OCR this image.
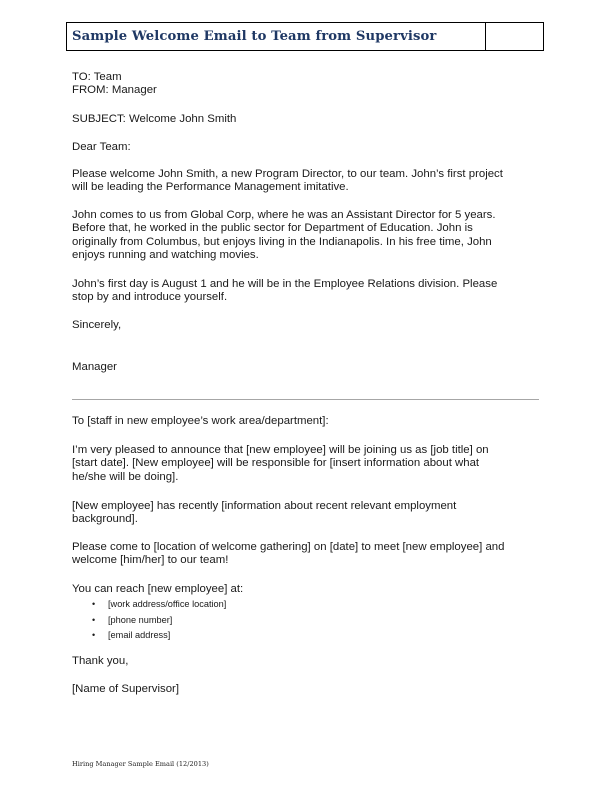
Sample Welcome Email to Team from Supervisor

TO: Team

FROM: Manager

SUBJECT: Welcome John Smith

Dear Team:

Please welcome John Smith, a new Program Director, to our team. John’s first project

will be leading the Performance Management imitative.

John comes to us from Global Corp, where he was an Assistant Director for 5 years.

Before that, he worked in the public sector for Department of Education. John is

originally from Columbus, but enjoys living in the Indianapolis. In his free time, John

enjoys running and watching movies.

John’s first day is August 1 and he will be in the Employee Relations division. Please

stop by and introduce yourself.

Sincerely,

Manager

To [staff in new employee’s work area/department]:

I’m very pleased to announce that [new employee] will be joining us as [job title] on

[start date]. [New employee] will be responsible for [insert information about what

he/she will be doing].

[New employee] has recently [information about recent relevant employment

background].

Please come to [location of welcome gathering] on [date] to meet [new employee] and

welcome [him/her] to our team!

You can reach [new employee] at:

• [work address/office location]
• [phone number]
• [email address]

Thank you,

[Name of Supervisor]

Hiring Manager Sample Email (12/2013)
